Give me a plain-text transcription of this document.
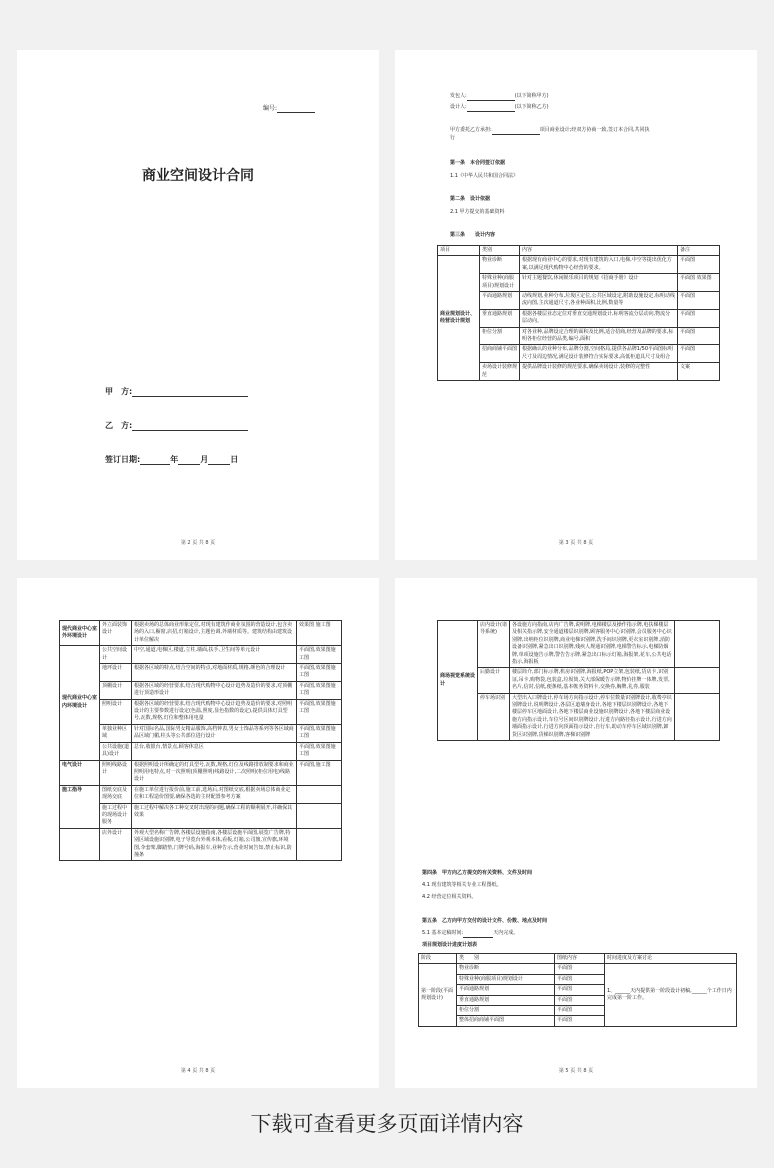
编号:
商业空间设计合同
甲　方:
乙　方:
签订日期:	年	月	日
第 2 页 共 8 页
发包人:	(以下简称甲方)
设计人:	(以下简称乙方)
甲方委托乙方承担:	项目商业设计;经双方协商一致,签订本合同,共同执
行
第一条　本合同签订依据
1.1《中华人民共和国合同法》
第二条　设计依据
2.1 甲方提交的基础资料
第三条　　设计内容
项目	类别	内容	备注
商业规划设计、经营设计规划	物业诊断	根据现有商业中心的要求,对现有建筑的入口,电梯,中空等提出优化方案,以满足现代购物中心经营的要求。	平面图
	特殊业种(商服项目)规划设计	针对主题餐饮,休闲娱乐项目的规划《招商手册》设计	平面图 效果图
	平面通路规划	动线规划,业种分布,垃圾区定位,公共区域设定,附助设施设定,标明动线流向图,主次通道尺寸,各业种面积,比例,数量等	平面图
	垂直通路规划	根据各楼层业态定位对垂直交通规划设计,标明客流分层动向,物流分层动向。	平面图
	柜位分割	对各业种,品牌设定合理的面积及比例,适合招商,经营及品牌的要求,标明各柜位经营的品类,编号,面积	平面图
	招商商铺平面图	根据确认的业种分布,品牌分割,空间格局,提供各品牌1/50平面图标明尺寸及周边情况,满足设计装修符合实际要求,高低柜道具尺寸及组合	平面图
	卖场设计装修规范	提供品牌设计装修的规范要求,确保卖场设计,装修的完整性	文案
第 3 页 共 8 页
现代商业中心室外环境设计	外立面装饰设计	根据卖场的总体商业形象定位,对现有建筑作商业氛围的营造设计,包含卖场的入口,橱窗,店招,灯箱设计,主题色调,外墙材质等。建筑结构由建筑设计单位解决	效果图 施工图
现代商业中心室内环境设计	公共空间设计	中空,通道,电梯区,楼道,立柱,墙面,扶手,卫生间等单元设计	平面图,效果图施工图
	地坪设计	根据各区域的特点,结合空间的特点,对地面材质,规格,颜色的合理设计	平面图,效果图施工图
	顶棚设计	根据各区域的经营要求,结合现代购物中心设计趋势及造价的要求,对顶棚进行顶造形设计	平面图,效果图施工图
	照明设计	根据各区域的经营要求,结合现代购物中心设计趋势及造价的要求,对照明设计的主要参数进行设定(色温,照度,显色指数的设定),提供具体灯具型号,瓦数,规格,灯位和整体用电量	平面图,效果图施工图
	单独业种区域	针对国际名品,国际男女精品服饰,高档钟表,男女士饰品等系列等各区域商品区域门楣,柱头等公共部位进行设计	平面图,效果图施工图
	公共设施(道具)设计	总台,收银台,情景点,顾客休息区	平面图,效果图施工图
电气设计	照明线路设计	根据照明设计所确定的灯具型号,瓦数,规格,灯位及线路排放制要求和商业照明用电特点,对一次照明(顶棚照明)线路设计,二次照明(柜位用电)线路设计	平面图,施工图
施工指导	图纸交底及现场交底	在施工单位进行报价前,施工前,选场后,对图纸交底,根据卖场总体商业定位和工程造价图要,确保各选的主材配置参考方案	
	施工过程中的现场设计服务	施工过程中解决各工种交叉时出现的问题,确保工程的顺利展开,并确保其效果	
	店外设计	外观大型名称广告牌,各楼层设施指南,各楼层设施平面图,展览广告牌,特别区域设施识别牌,电子导览台外观本体,看板,灯箱,公司旗,宣传旗,环境图,伞套架,脚踏垫,门牌号码,海报车,业种告示,营业时间告知,禁止标识,防撞条	
第 4 页 共 8 页
商场视觉系统设计	店内设计(诸导系统)	各设施方向指南,店内广告牌,说明牌,电梯楼层及操作指示牌,电扶梯楼层及相关指示牌,安全通道楼层识别牌,顾客服务中心识别牌,会员服务中心识别牌,出纳柜位识别牌,商业电梯识别牌,洗手间识别牌,更衣室识别牌,消防设备识别牌,紧急出口识别牌,残疾人规通识别牌,电梯警告标示,电梯防烟牌,单项设施告示牌,警告告示牌,紧急出口标示灯箱,海报架,花车,公共电话指示,海报板	
	后勤设计	楼层简介,部门标示牌,机房识别牌,海报纸,POP立架,包装纸,货店卡,识别证,吊卡,购物袋,包装盒,垃圾筒,关大部保暖告示牌,物价挂牌一体牌,发票,名片,信封,信纸,便条纸,基本帐务资料卡,交换券,胸牌,礼券,服装	
	停车场识别	大型出入口牌设计,停车场方向指示设计,停车位数量识别牌设计,收费亭识别牌设计,说明牌设计,各层区道墙身设计,各地下楼层识别牌设计,各地下楼层停车区地面设计,各地下楼层商业设施识别牌设计,各地下楼层商业设施方向指示设计,车位号区间识别牌设计,行进方向路径指示设计,行进方向墙面指示设计,行进方向顶面指示设计,自行车,助动车停车区域识别牌,卸货区识别牌,货梯识别牌,客梯识别牌	
第四条　甲方向乙方提交的有关资料、文件及时间
4.1 现有建筑等相关专业工程图纸。
4.2 经营定位相关资料。
第五条　乙方向甲方交付的设计文件、份数、地点及时间
5.1 基本定稿时间:	天内完成。
项目规划设计进度计划表
阶段	类　　别	图纸内容	时间进度及方案讨论
第一阶段(平面规划设计)	物业诊断	平面图	1、______天内提供第一阶段设计初稿,______个工作日内完成第一阶工作。
	特殊业种(商服项目)规划设计	平面图	
	平面通路规划	平面图	
	垂直通路规划	平面图	
	柜位分割	平面图	
	整体招商商铺平面图	平面图	
第 5 页 共 8 页
下载可查看更多页面详情内容
